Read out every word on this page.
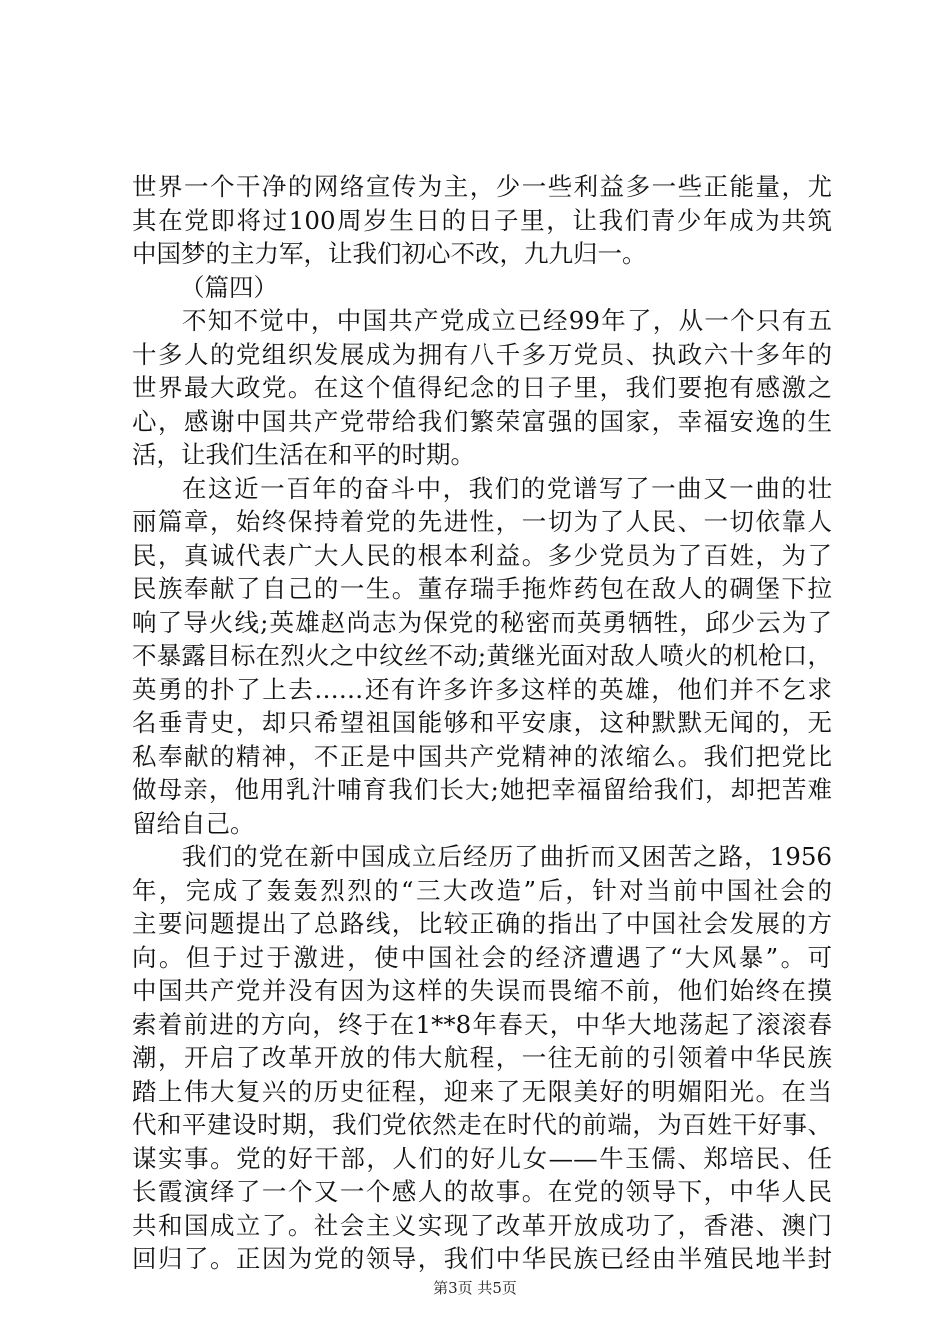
世界一个干净的网络宣传为主，少一些利益多一些正能量，尤
其在党即将过100周岁生日的日子里，让我们青少年成为共筑
中国梦的主力军，让我们初心不改，九九归一。
（篇四）
不知不觉中，中国共产党成立已经99年了，从一个只有五
十多人的党组织发展成为拥有八千多万党员、执政六十多年的
世界最大政党。在这个值得纪念的日子里，我们要抱有感激之
心，感谢中国共产党带给我们繁荣富强的国家，幸福安逸的生
活，让我们生活在和平的时期。
在这近一百年的奋斗中，我们的党谱写了一曲又一曲的壮
丽篇章，始终保持着党的先进性，一切为了人民、一切依靠人
民，真诚代表广大人民的根本利益。多少党员为了百姓，为了
民族奉献了自己的一生。董存瑞手拖炸药包在敌人的碉堡下拉
响了导火线;英雄赵尚志为保党的秘密而英勇牺牲，邱少云为了
不暴露目标在烈火之中纹丝不动;黄继光面对敌人喷火的机枪口，
英勇的扑了上去……还有许多许多这样的英雄，他们并不乞求
名垂青史，却只希望祖国能够和平安康，这种默默无闻的，无
私奉献的精神，不正是中国共产党精神的浓缩么。我们把党比
做母亲，他用乳汁哺育我们长大;她把幸福留给我们，却把苦难
留给自己。
我们的党在新中国成立后经历了曲折而又困苦之路，1956
年，完成了轰轰烈烈的“三大改造”后，针对当前中国社会的
主要问题提出了总路线，比较正确的指出了中国社会发展的方
向。但于过于激进，使中国社会的经济遭遇了“大风暴”。可
中国共产党并没有因为这样的失误而畏缩不前，他们始终在摸
索着前进的方向，终于在1**8年春天，中华大地荡起了滚滚春
潮，开启了改革开放的伟大航程，一往无前的引领着中华民族
踏上伟大复兴的历史征程，迎来了无限美好的明媚阳光。在当
代和平建设时期，我们党依然走在时代的前端，为百姓干好事、
谋实事。党的好干部，人们的好儿女——牛玉儒、郑培民、任
长霞演绎了一个又一个感人的故事。在党的领导下，中华人民
共和国成立了。社会主义实现了改革开放成功了，香港、澳门
回归了。正因为党的领导，我们中华民族已经由半殖民地半封
第3页 共5页
